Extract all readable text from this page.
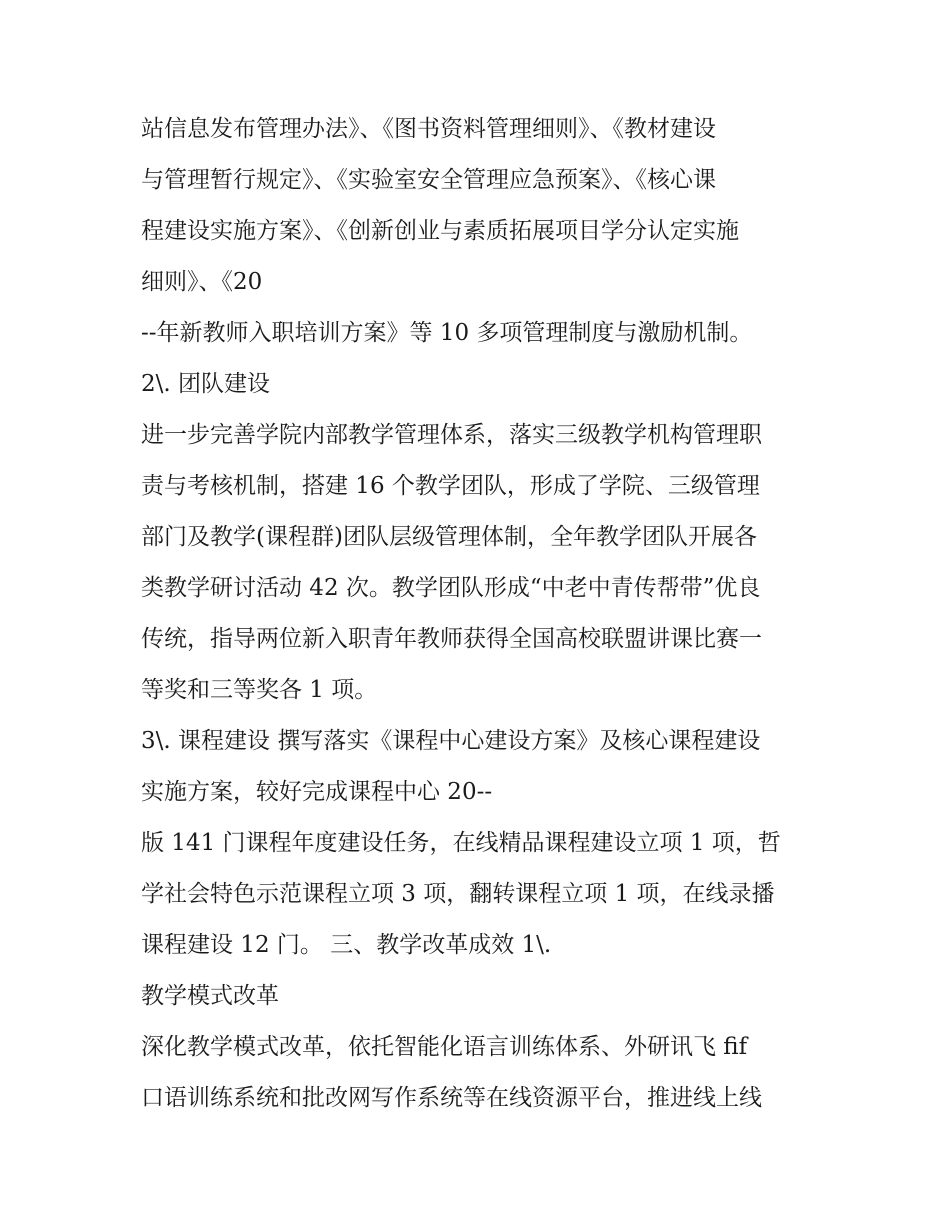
站信息发布管理办法》、《图书资料管理细则》、《教材建设
与管理暂行规定》、《实验室安全管理应急预案》、《核心课
程建设实施方案》、《创新创业与素质拓展项目学分认定实施
细则》、《20
--年新教师入职培训方案》等 10 多项管理制度与激励机制。
2\. 团队建设
进一步完善学院内部教学管理体系，落实三级教学机构管理职
责与考核机制，搭建 16 个教学团队，形成了学院、三级管理
部门及教学(课程群)团队层级管理体制，全年教学团队开展各
类教学研讨活动 42 次。教学团队形成“中老中青传帮带”优良
传统，指导两位新入职青年教师获得全国高校联盟讲课比赛一
等奖和三等奖各 1 项。
3\. 课程建设 撰写落实《课程中心建设方案》及核心课程建设
实施方案，较好完成课程中心 20--
版 141 门课程年度建设任务，在线精品课程建设立项 1 项，哲
学社会特色示范课程立项 3 项，翻转课程立项 1 项，在线录播
课程建设 12 门。 三、教学改革成效 1\.
教学模式改革
深化教学模式改革，依托智能化语言训练体系、外研讯飞 fif
口语训练系统和批改网写作系统等在线资源平台，推进线上线
